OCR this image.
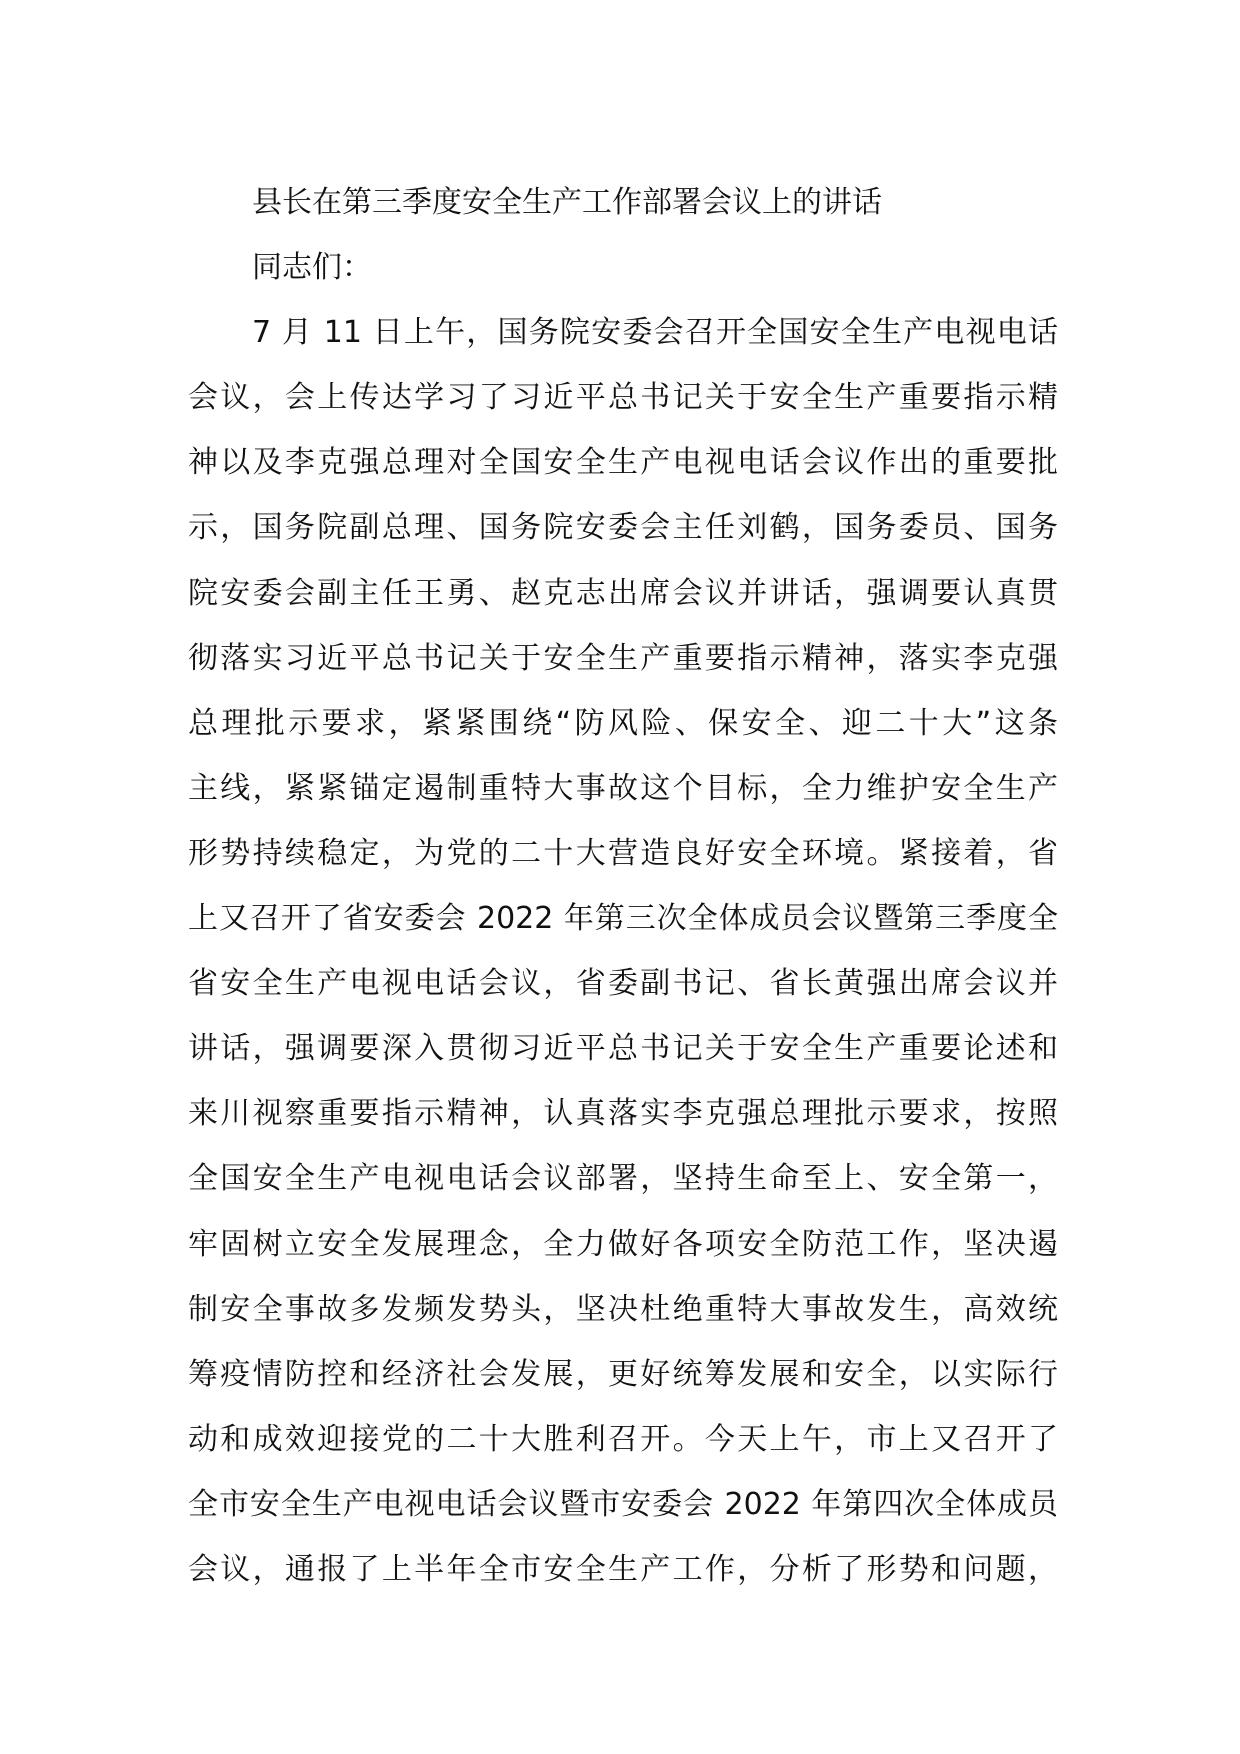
县长在第三季度安全生产工作部署会议上的讲话
同志们：
7 月 11 日上午，国务院安委会召开全国安全生产电视电话
会议，会上传达学习了习近平总书记关于安全生产重要指示精
神以及李克强总理对全国安全生产电视电话会议作出的重要批
示，国务院副总理、国务院安委会主任刘鹤，国务委员、国务
院安委会副主任王勇、赵克志出席会议并讲话，强调要认真贯
彻落实习近平总书记关于安全生产重要指示精神，落实李克强
总理批示要求，紧紧围绕“防风险、保安全、迎二十大”这条
主线，紧紧锚定遏制重特大事故这个目标，全力维护安全生产
形势持续稳定，为党的二十大营造良好安全环境。紧接着，省
上又召开了省安委会 2022 年第三次全体成员会议暨第三季度全
省安全生产电视电话会议，省委副书记、省长黄强出席会议并
讲话，强调要深入贯彻习近平总书记关于安全生产重要论述和
来川视察重要指示精神，认真落实李克强总理批示要求，按照
全国安全生产电视电话会议部署，坚持生命至上、安全第一，
牢固树立安全发展理念，全力做好各项安全防范工作，坚决遏
制安全事故多发频发势头，坚决杜绝重特大事故发生，高效统
筹疫情防控和经济社会发展，更好统筹发展和安全，以实际行
动和成效迎接党的二十大胜利召开。今天上午，市上又召开了
全市安全生产电视电话会议暨市安委会 2022 年第四次全体成员
会议，通报了上半年全市安全生产工作，分析了形势和问题，
